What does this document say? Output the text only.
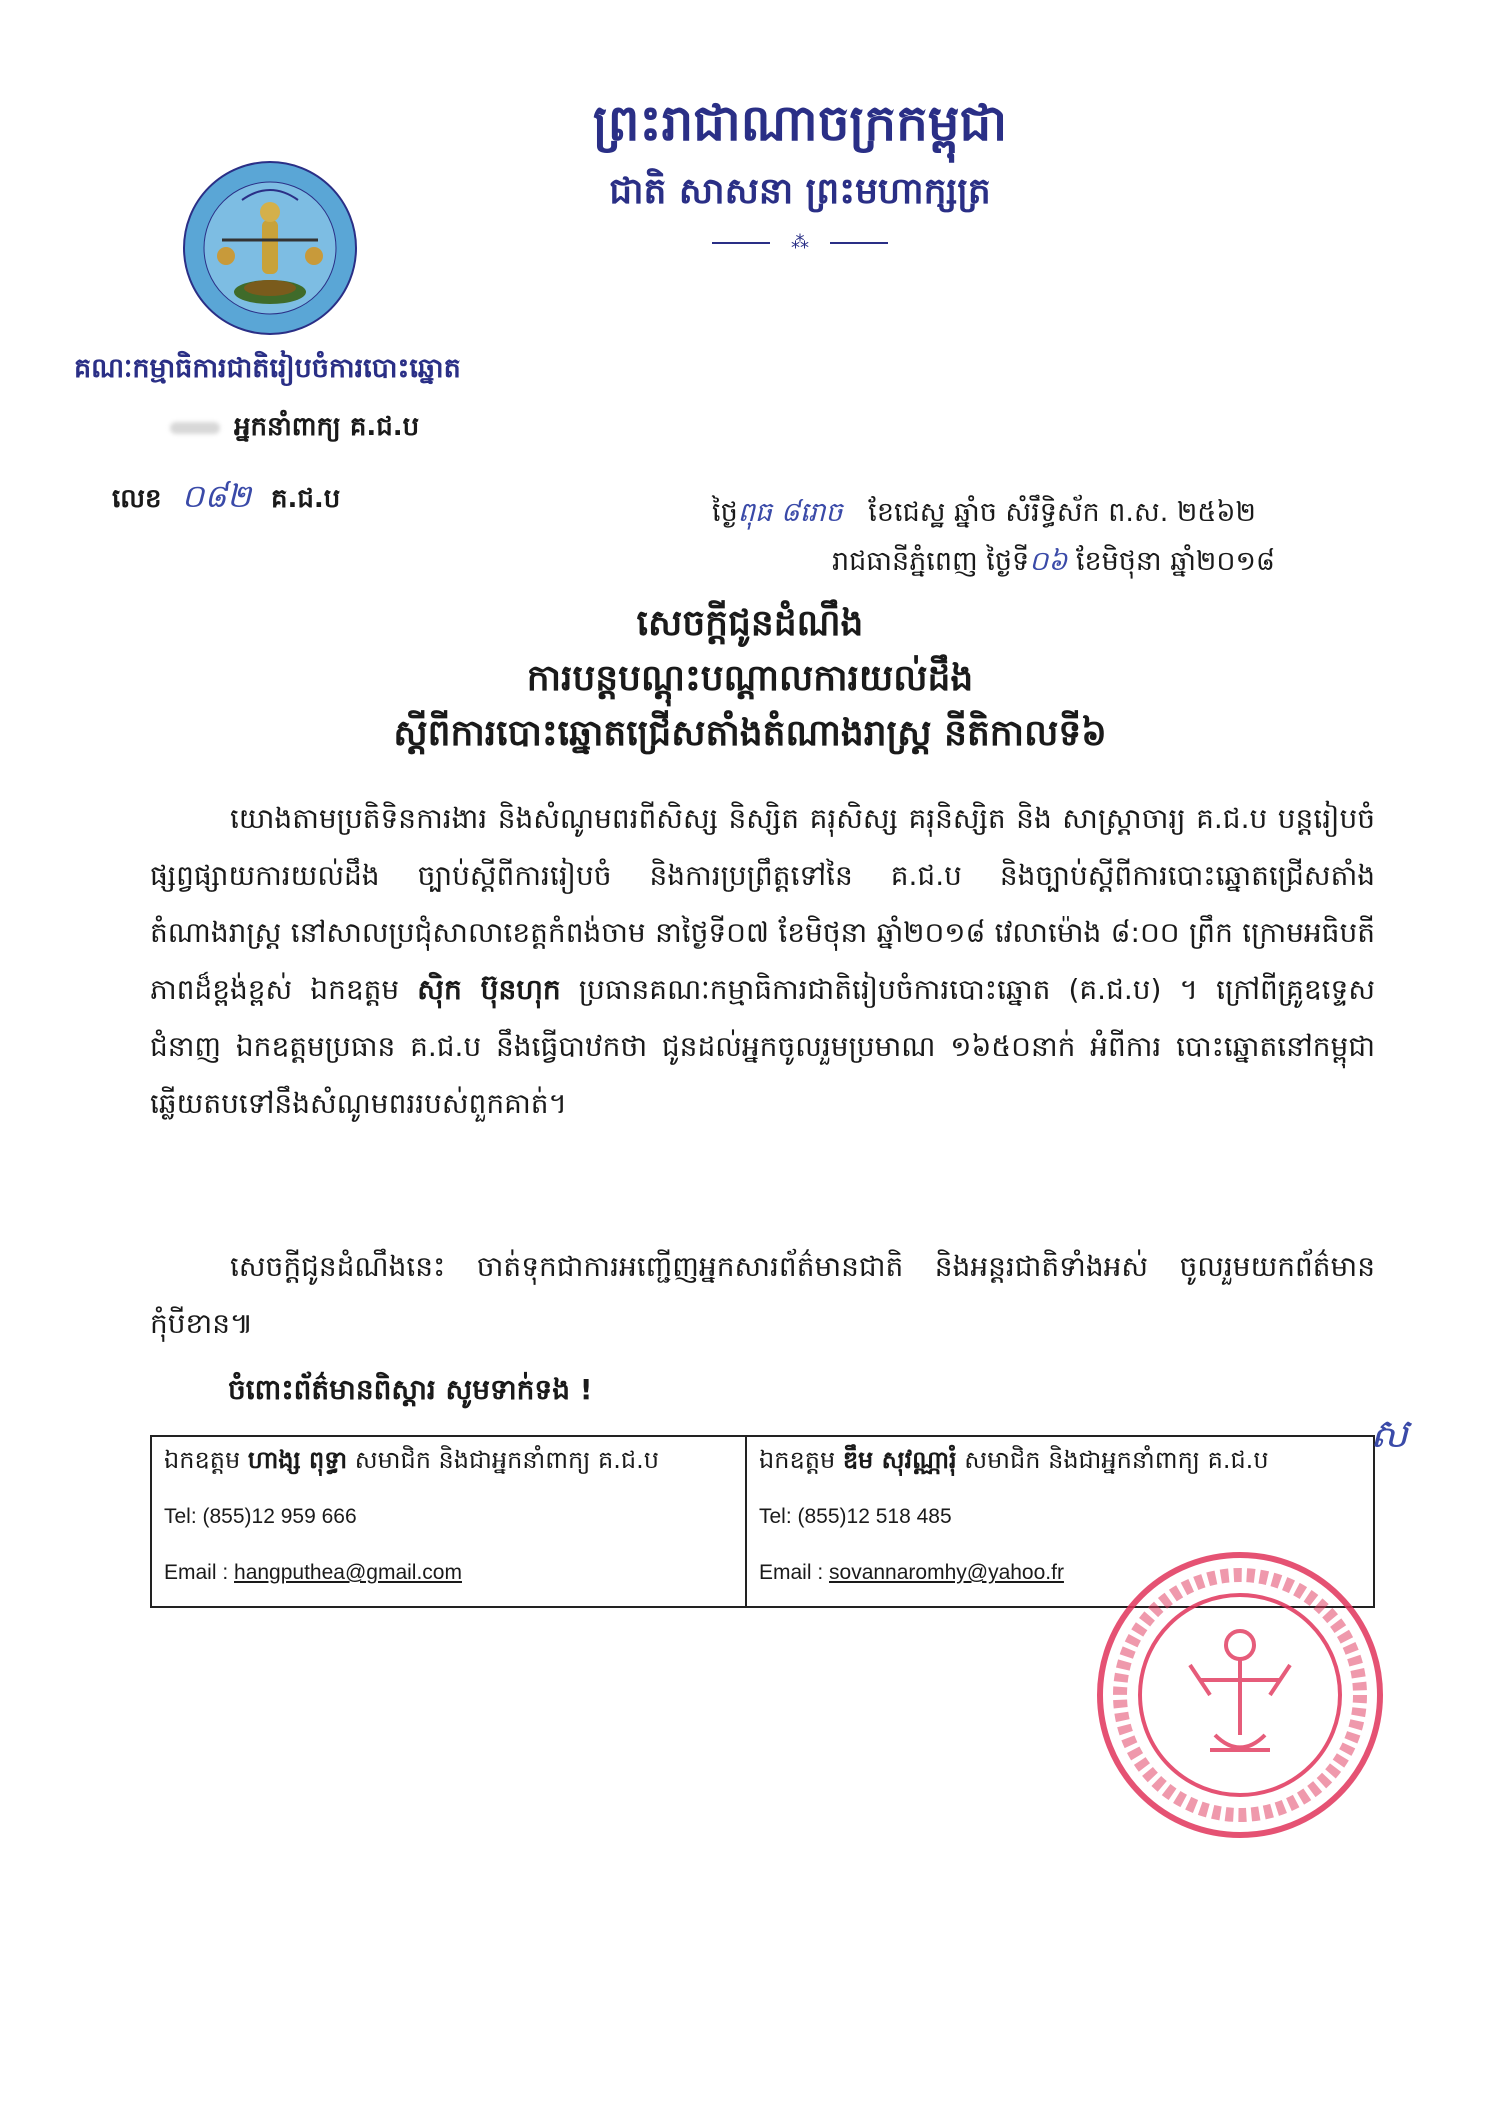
ព្រះរាជាណាចក្រកម្ពុជា
ជាតិ សាសនា ព្រះមហាក្សត្រ
⁂
គណៈកម្មាធិការជាតិរៀបចំការបោះឆ្នោត
អ្នកនាំពាក្យ គ.ជ.ប
លេខ ០៨២ គ.ជ.ប	ថ្ងៃពុធ ៨រោច ខែជេស្ឋ ឆ្នាំច សំរឹទ្ធិស័ក ព.ស. ២៥៦២
រាជធានីភ្នំពេញ ថ្ងៃទី០៦ ខែមិថុនា ឆ្នាំ២០១៨
សេចក្តីជូនដំណឹង
ការបន្តបណ្តុះបណ្តាលការយល់ដឹង
ស្តីពីការបោះឆ្នោតជ្រើសតាំងតំណាងរាស្ត្រ នីតិកាលទី៦
យោងតាមប្រតិទិនការងារ និងសំណូមពរពីសិស្ស និស្សិត គរុសិស្ស គរុនិស្សិត និង សាស្ត្រាចារ្យ គ.ជ.ប បន្តរៀបចំផ្សព្វផ្សាយការយល់ដឹង ច្បាប់ស្តីពីការរៀបចំ និងការប្រព្រឹត្តទៅនៃ គ.ជ.ប និងច្បាប់ស្តីពីការបោះឆ្នោតជ្រើសតាំងតំណាងរាស្ត្រ នៅសាលប្រជុំសាលាខេត្តកំពង់ចាម នាថ្ងៃទី០៧ ខែមិថុនា ឆ្នាំ២០១៨ វេលាម៉ោង ៨:០០ ព្រឹក ក្រោមអធិបតីភាពដ៏ខ្ពង់ខ្ពស់ ឯកឧត្តម ស៊ិក ប៊ុនហុក ប្រធានគណៈកម្មាធិការជាតិរៀបចំការបោះឆ្នោត (គ.ជ.ប) ។ ក្រៅពីគ្រូឧទ្ទេសជំនាញ ឯកឧត្តមប្រធាន គ.ជ.ប នឹងធ្វើបាឋកថា ជូនដល់អ្នកចូលរួមប្រមាណ ១៦៥០នាក់ អំពីការ បោះឆ្នោតនៅកម្ពុជា ឆ្លើយតបទៅនឹងសំណូមពររបស់ពួកគាត់។
សេចក្តីជូនដំណឹងនេះ ចាត់ទុកជាការអញ្ជើញអ្នកសារព័ត៌មានជាតិ និងអន្តរជាតិទាំងអស់ ចូលរួមយកព័ត៌មានកុំបីខាន៕
ចំពោះព័ត៌មានពិស្តារ សូមទាក់ទង !
ឯកឧត្តម ហាង្ស ពុទ្ធា សមាជិក និងជាអ្នកនាំពាក្យ គ.ជ.ប
Tel: (855)12 959 666
Email : hangputhea@gmail.com
ឯកឧត្តម ឌឹម សុវណ្ណារុំ សមាជិក និងជាអ្នកនាំពាក្យ គ.ជ.ប
Tel: (855)12 518 485
Email : sovannaromhy@yahoo.fr
ស
